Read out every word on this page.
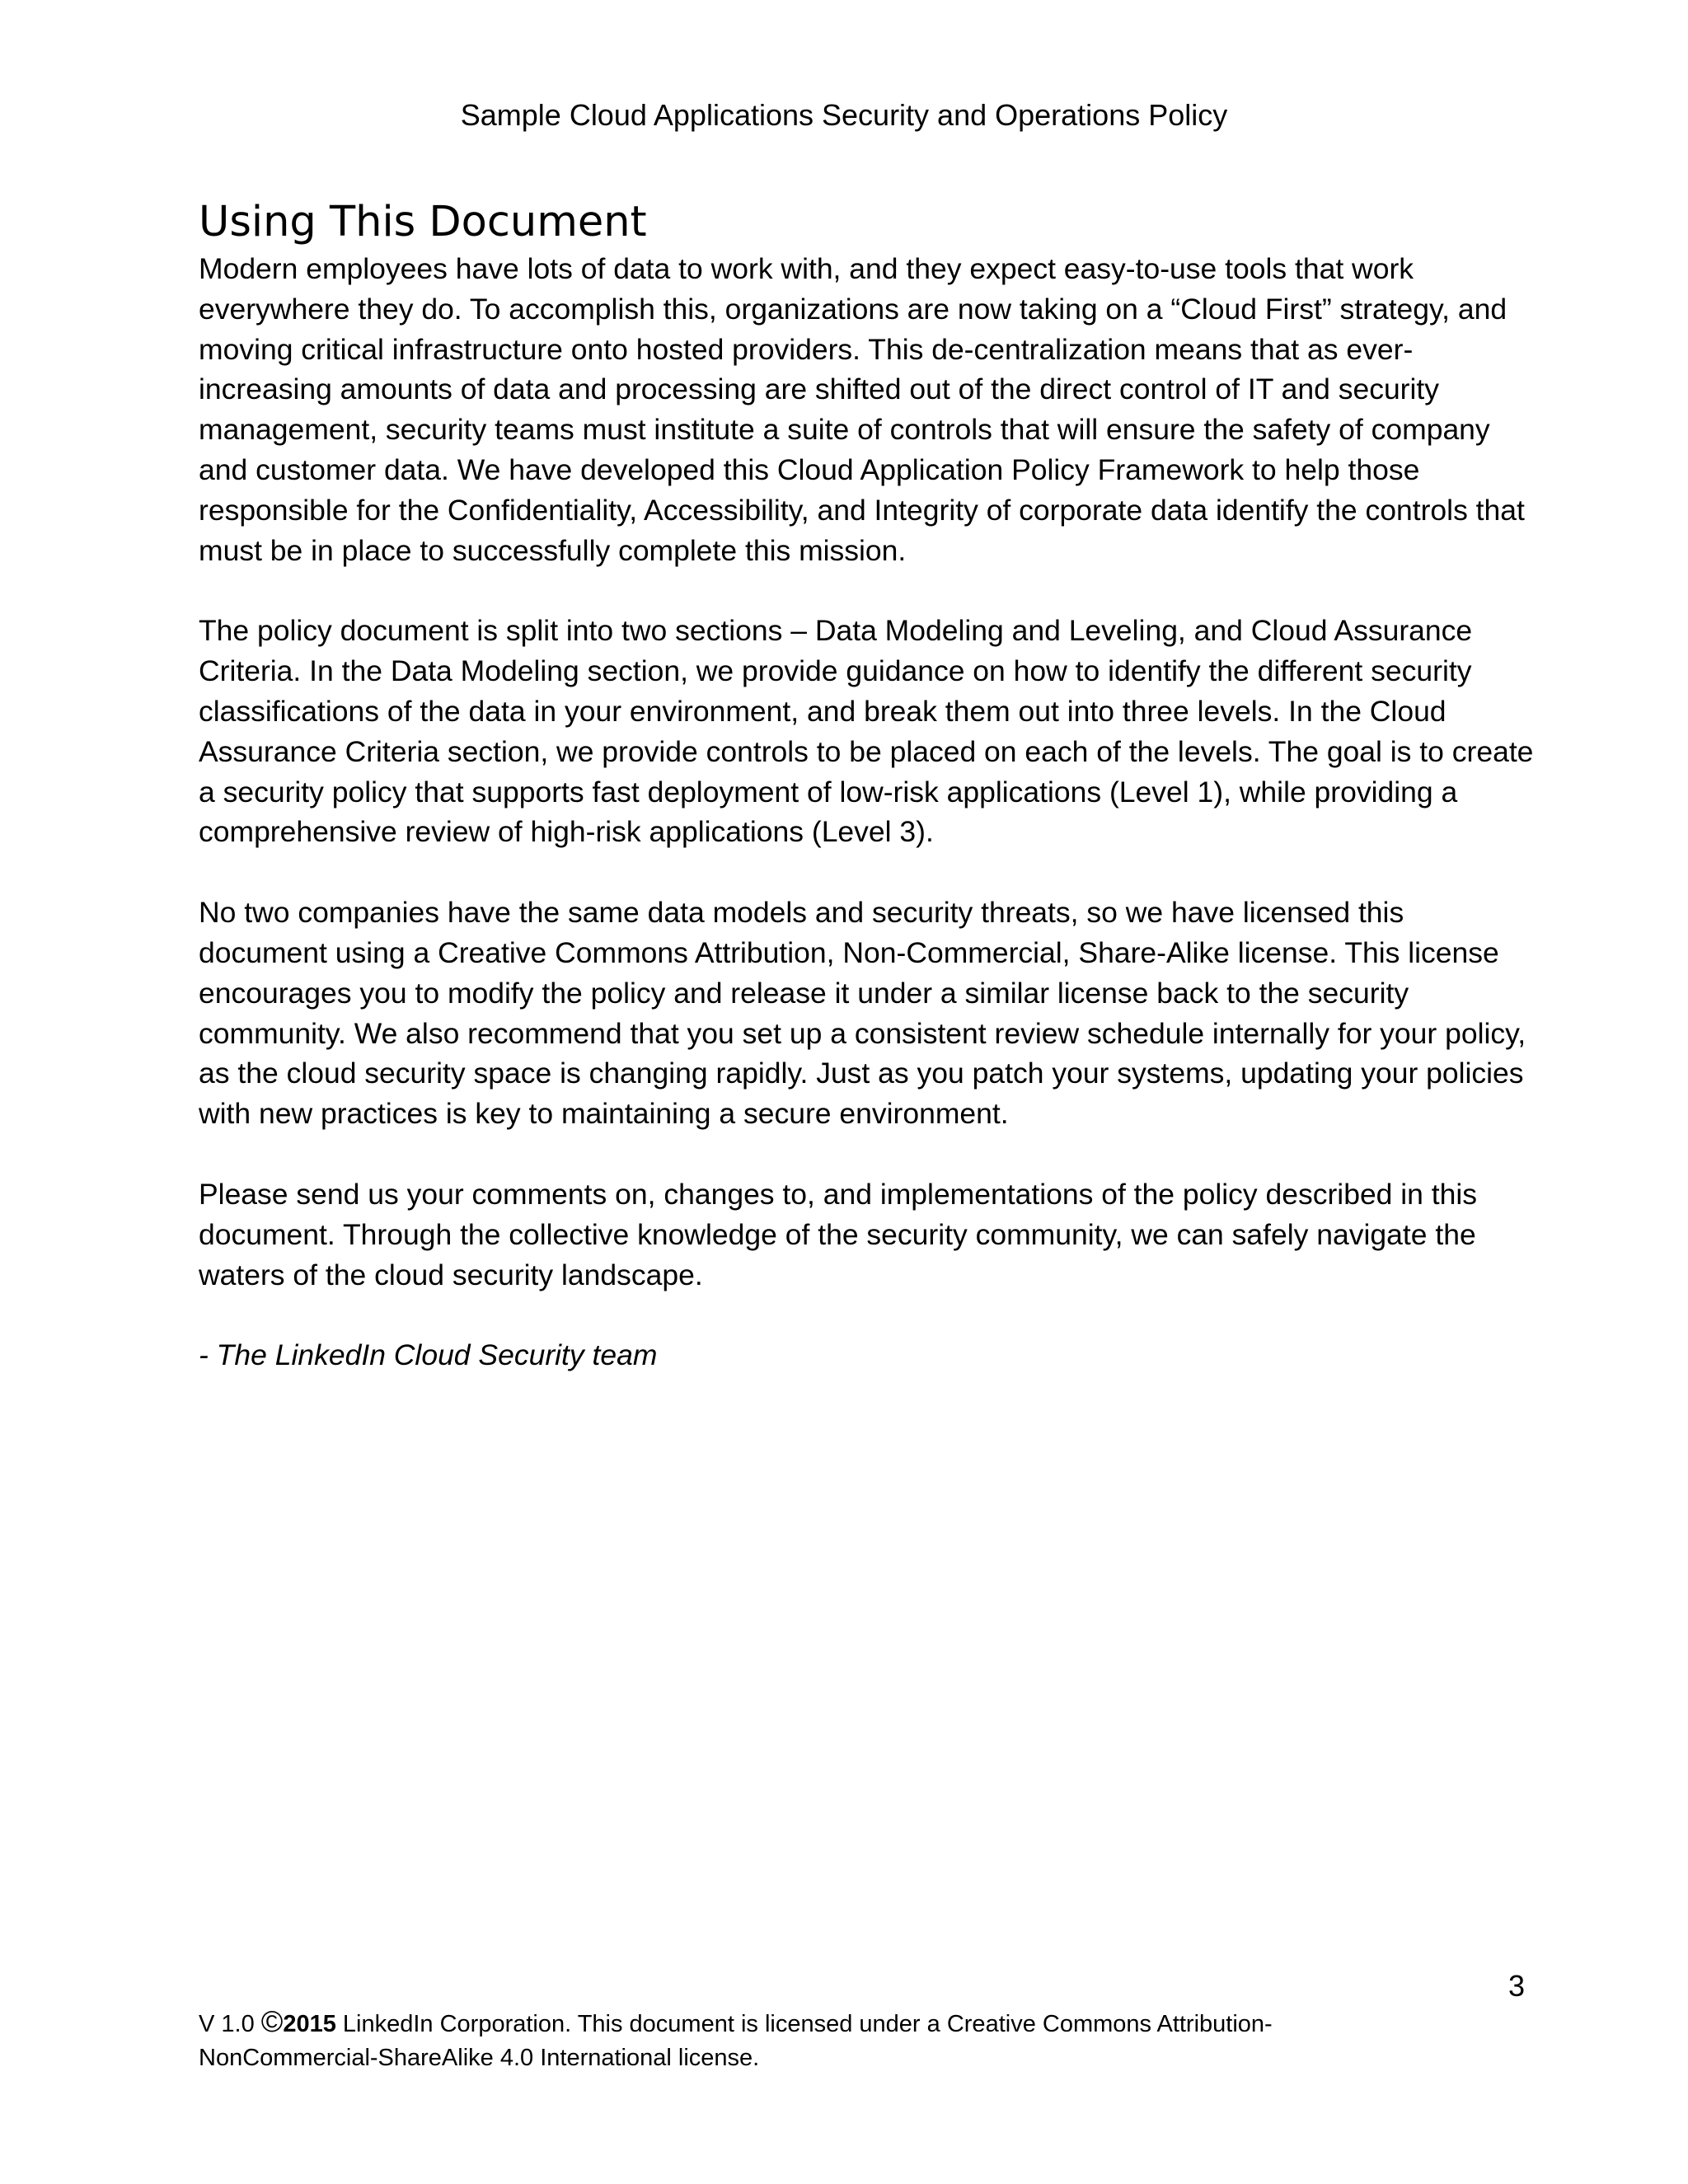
Sample Cloud Applications Security and Operations Policy
Using This Document

Modern employees have lots of data to work with, and they expect easy-to-use tools that work everywhere they do. To accomplish this, organizations are now taking on a “Cloud First” strategy, and moving critical infrastructure onto hosted providers. This de-centralization means that as ever-increasing amounts of data and processing are shifted out of the direct control of IT and security management, security teams must institute a suite of controls that will ensure the safety of company and customer data. We have developed this Cloud Application Policy Framework to help those responsible for the Confidentiality, Accessibility, and Integrity of corporate data identify the controls that must be in place to successfully complete this mission.

The policy document is split into two sections – Data Modeling and Leveling, and Cloud Assurance Criteria. In the Data Modeling section, we provide guidance on how to identify the different security classifications of the data in your environment, and break them out into three levels. In the Cloud Assurance Criteria section, we provide controls to be placed on each of the levels. The goal is to create a security policy that supports fast deployment of low-risk applications (Level 1), while providing a comprehensive review of high-risk applications (Level 3).

No two companies have the same data models and security threats, so we have licensed this document using a Creative Commons Attribution, Non-Commercial, Share-Alike license. This license encourages you to modify the policy and release it under a similar license back to the security community. We also recommend that you set up a consistent review schedule internally for your policy, as the cloud security space is changing rapidly. Just as you patch your systems, updating your policies with new practices is key to maintaining a secure environment.

Please send us your comments on, changes to, and implementations of the policy described in this document. Through the collective knowledge of the security community, we can safely navigate the waters of the cloud security landscape.

- The LinkedIn Cloud Security team

3
V 1.0 ©2015 LinkedIn Corporation. This document is licensed under a Creative Commons Attribution-
NonCommercial-ShareAlike 4.0 International license.
